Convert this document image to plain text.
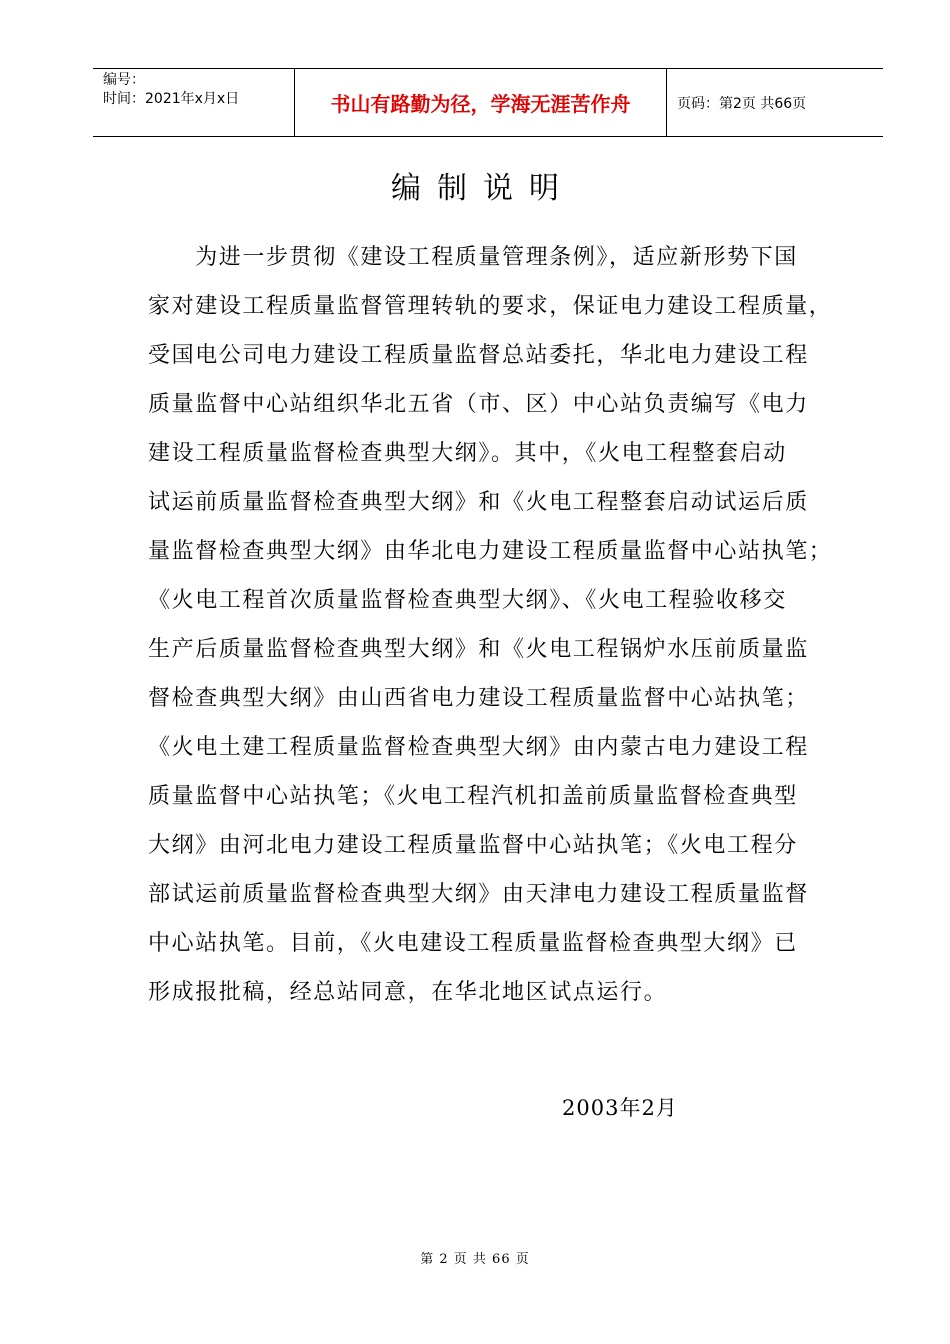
编号：
时间：2021年x月x日	书山有路勤为径，学海无涯苦作舟	页码：第2页 共66页
编制说明
　　为进一步贯彻《建设工程质量管理条例》，适应新形势下国
家对建设工程质量监督管理转轨的要求，保证电力建设工程质量，
受国电公司电力建设工程质量监督总站委托，华北电力建设工程
质量监督中心站组织华北五省（市、区）中心站负责编写《电力
建设工程质量监督检查典型大纲》。其中，《火电工程整套启动
试运前质量监督检查典型大纲》和《火电工程整套启动试运后质
量监督检查典型大纲》由华北电力建设工程质量监督中心站执笔；
《火电工程首次质量监督检查典型大纲》、《火电工程验收移交
生产后质量监督检查典型大纲》和《火电工程锅炉水压前质量监
督检查典型大纲》由山西省电力建设工程质量监督中心站执笔；
《火电土建工程质量监督检查典型大纲》由内蒙古电力建设工程
质量监督中心站执笔；《火电工程汽机扣盖前质量监督检查典型
大纲》由河北电力建设工程质量监督中心站执笔；《火电工程分
部试运前质量监督检查典型大纲》由天津电力建设工程质量监督
中心站执笔。目前，《火电建设工程质量监督检查典型大纲》已
形成报批稿，经总站同意，在华北地区试点运行。
2003年2月
第 2 页 共 66 页
